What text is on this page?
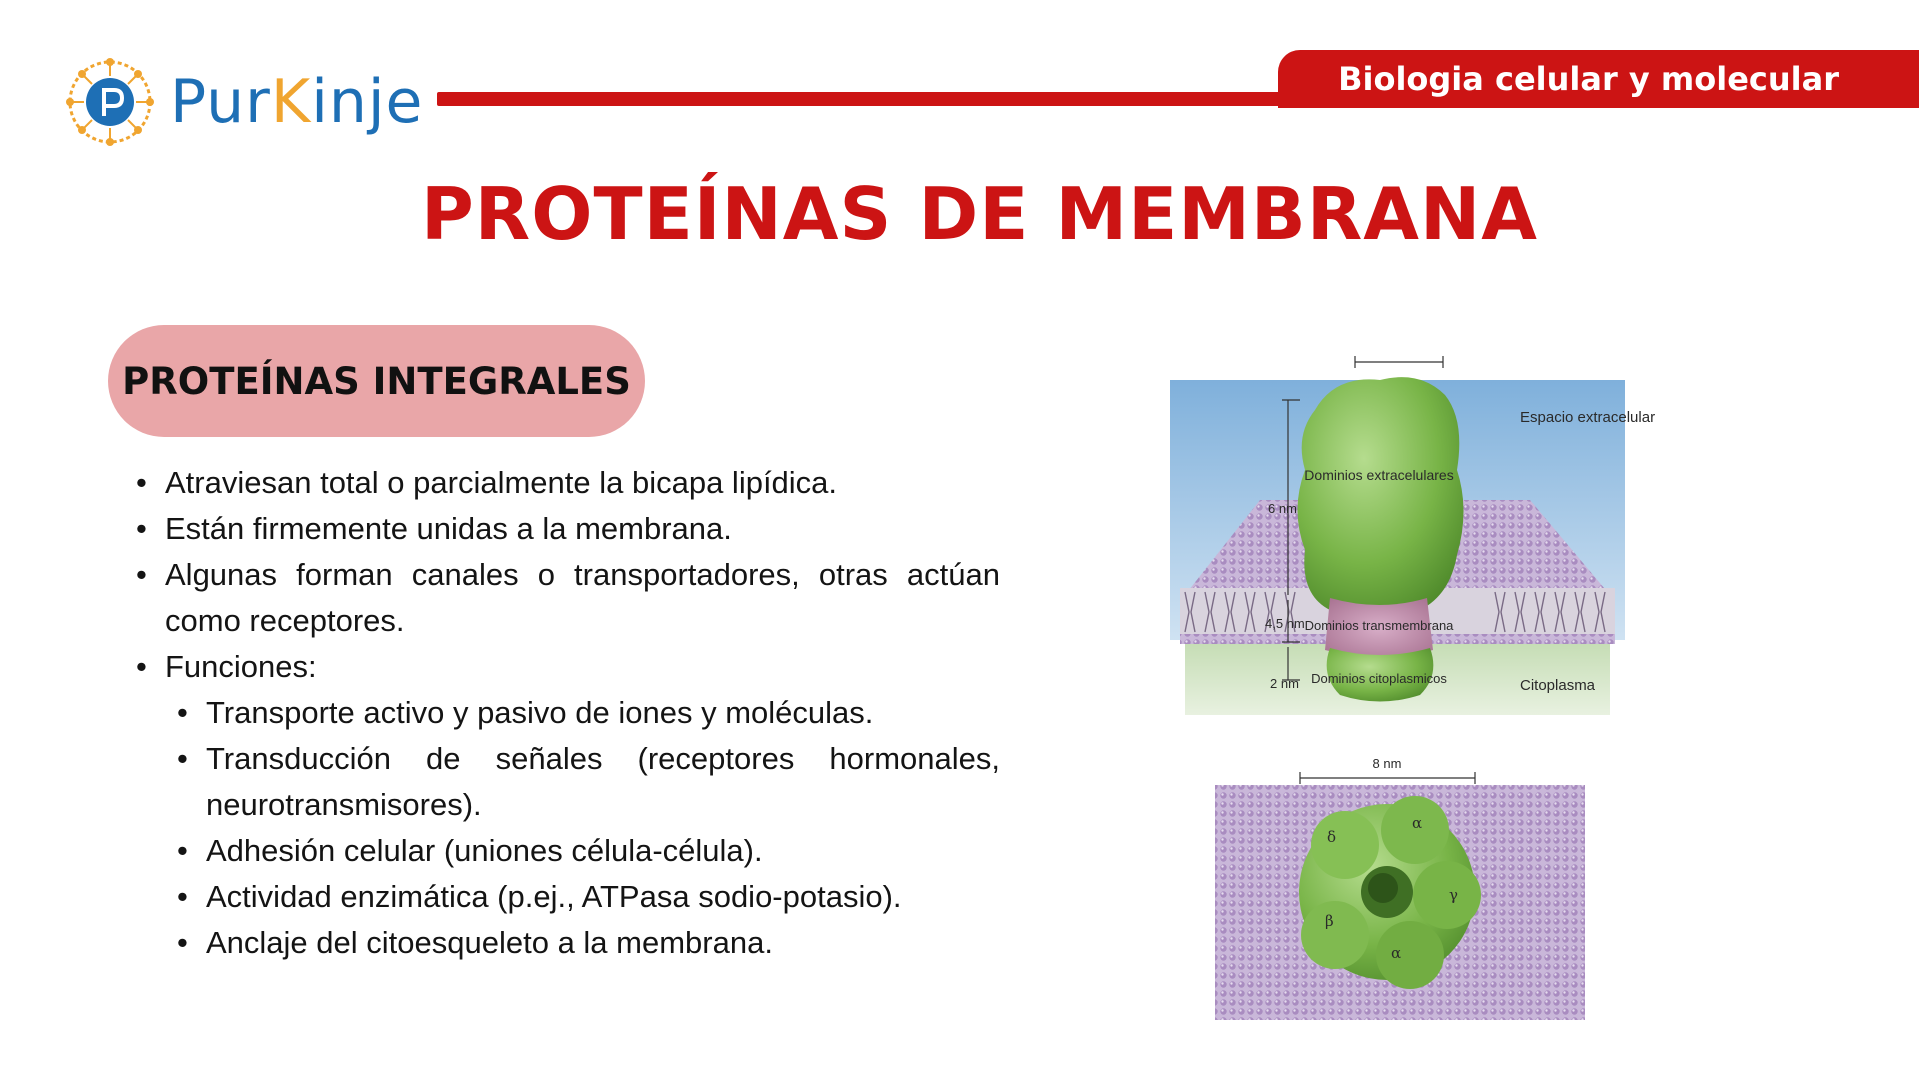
PurKinje	Biologia celular y molecular
PROTEÍNAS DE MEMBRANA
PROTEÍNAS INTEGRALES
• Atraviesan total o parcialmente la bicapa lipídica.
• Están firmemente unidas a la membrana.
• Algunas forman canales o transportadores, otras actúan como receptores.
• Funciones:
• Transporte activo y pasivo de iones y moléculas.
• Transducción de señales (receptores hormonales, neurotransmisores).
• Adhesión celular (uniones célula-célula).
• Actividad enzimática (p.ej., ATPasa sodio-potasio).
• Anclaje del citoesqueleto a la membrana.
Espacio extracelular
Dominios extracelulares
Dominios transmembrana
Dominios citoplasmicos	Citoplasma
6 nm
4,5 nm
2 nm
8 nm
δ
α
γ
α
β
